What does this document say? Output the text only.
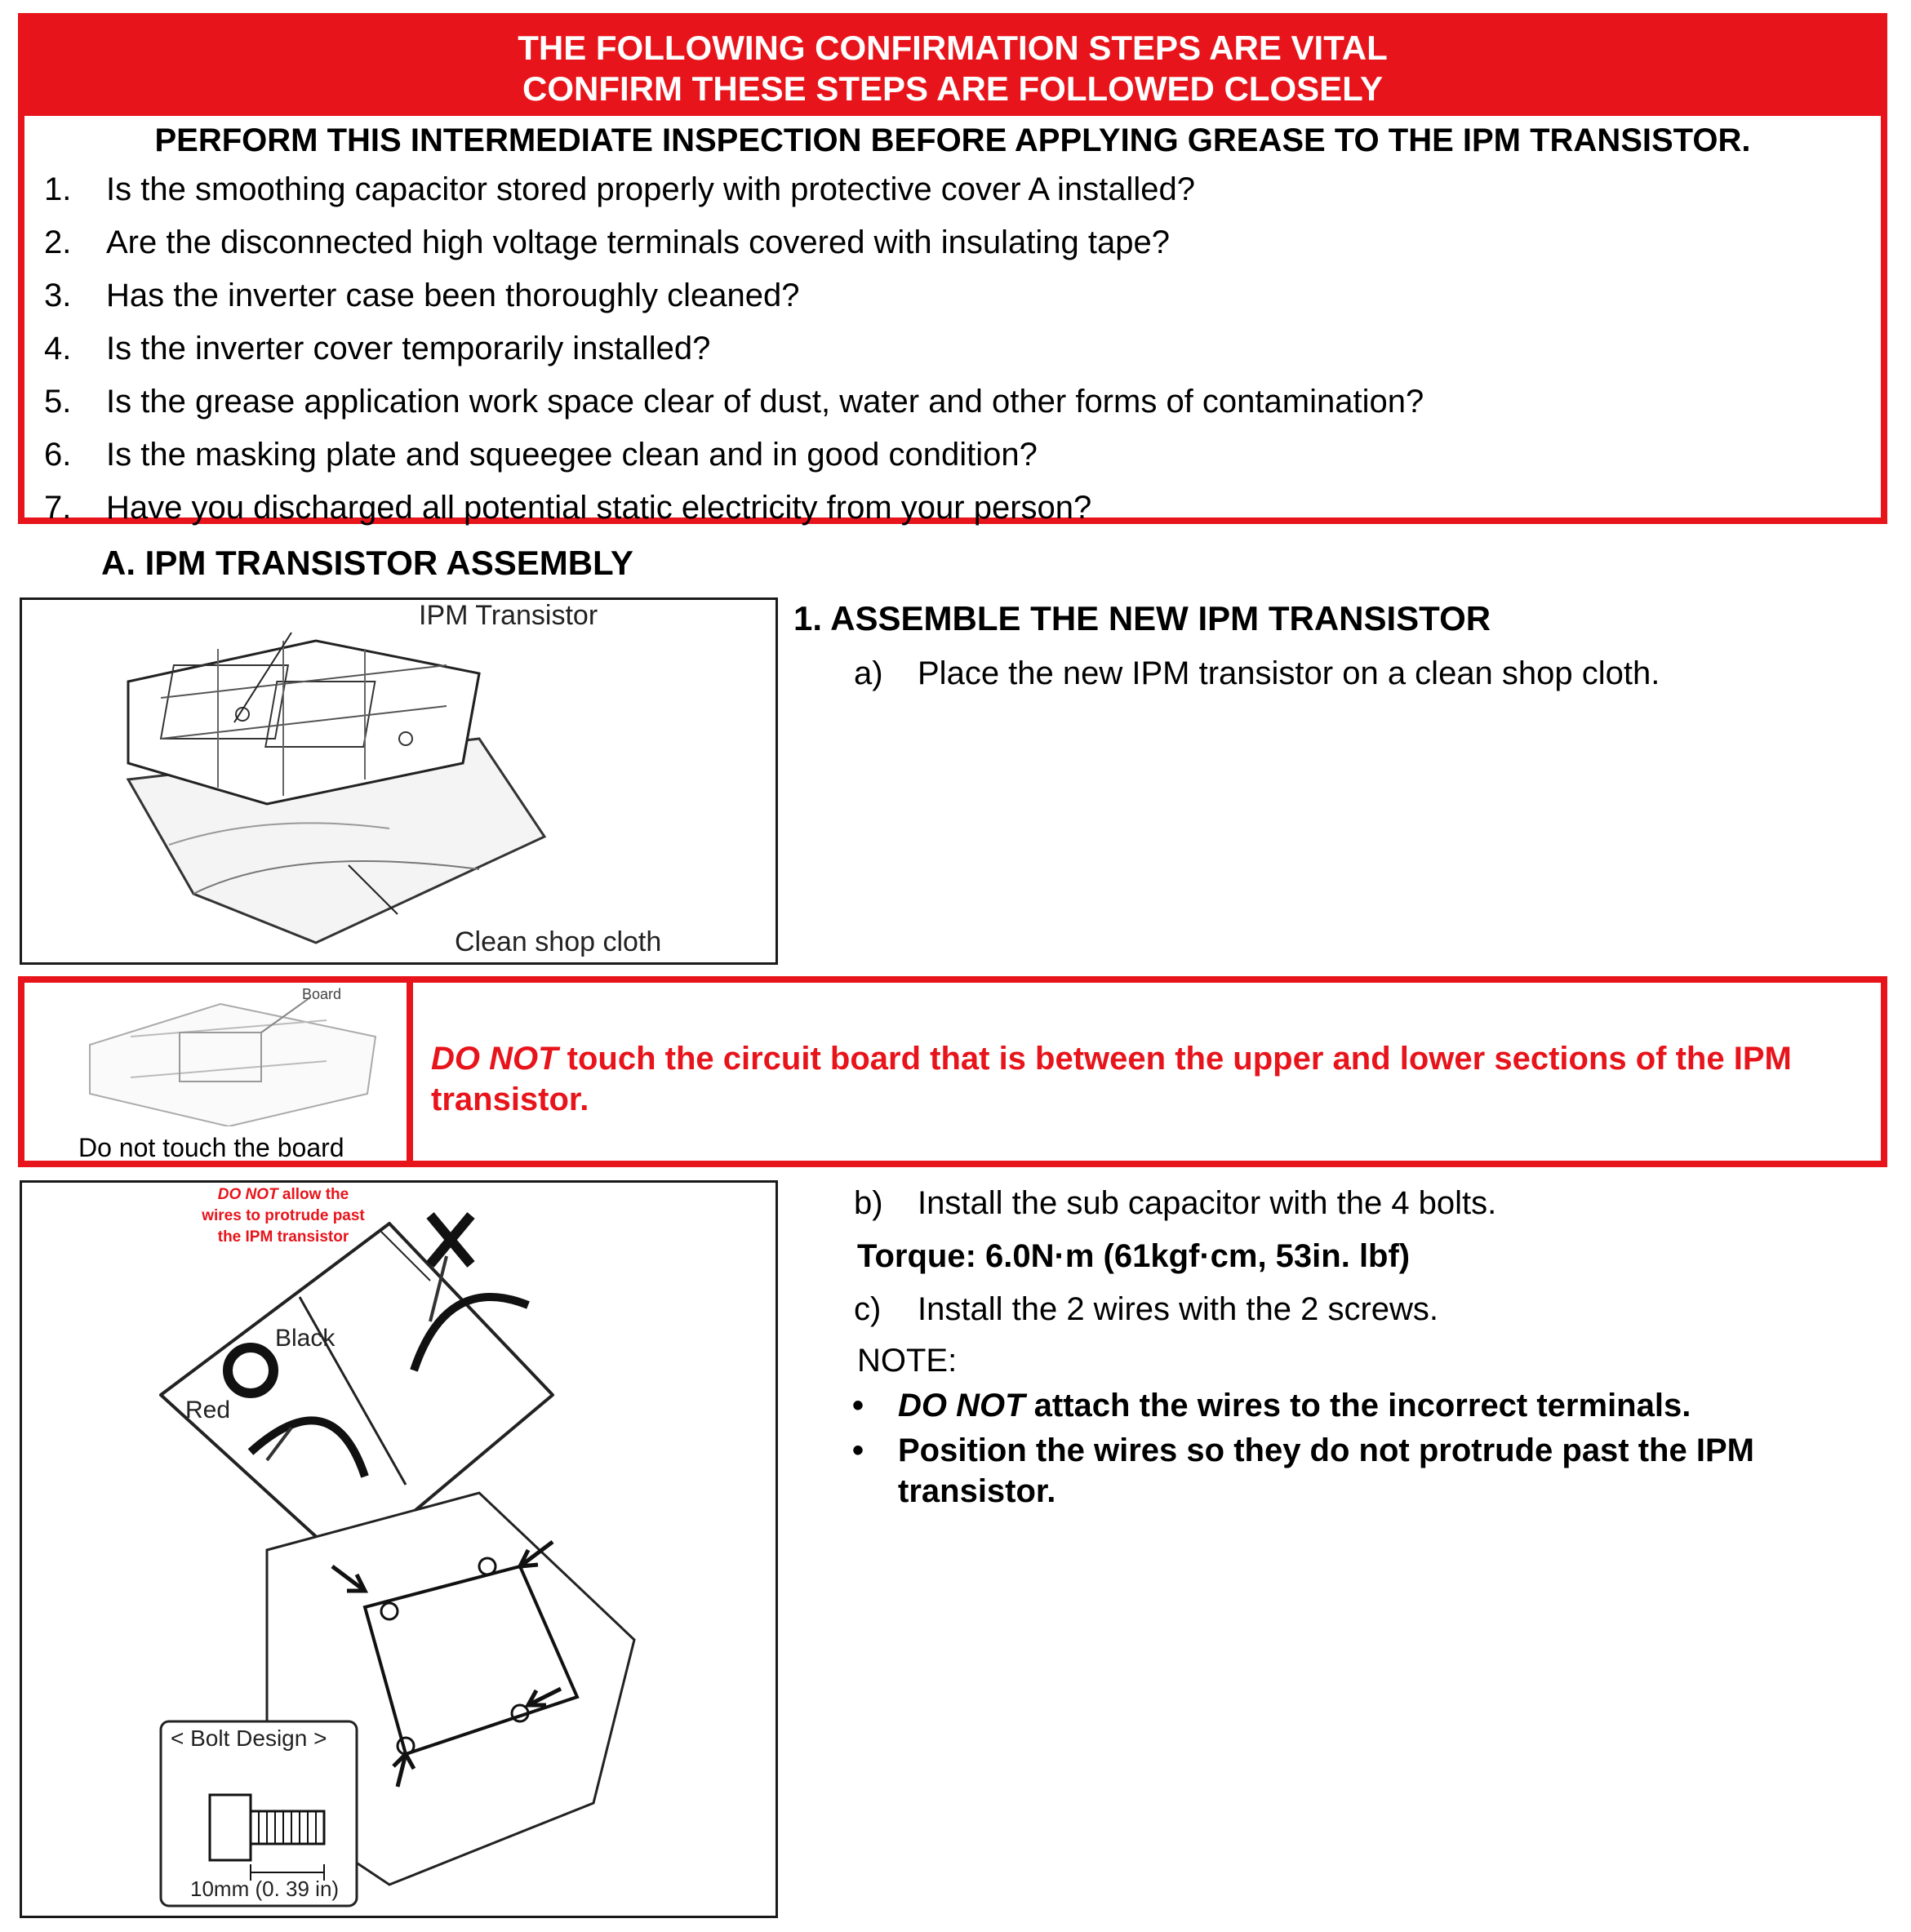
THE FOLLOWING CONFIRMATION STEPS ARE VITAL
CONFIRM THESE STEPS ARE FOLLOWED CLOSELY
PERFORM THIS INTERMEDIATE INSPECTION BEFORE APPLYING GREASE TO THE IPM TRANSISTOR.
1. Is the smoothing capacitor stored properly with protective cover A installed?
2. Are the disconnected high voltage terminals covered with insulating tape?
3. Has the inverter case been thoroughly cleaned?
4. Is the inverter cover temporarily installed?
5. Is the grease application work space clear of dust, water and other forms of contamination?
6. Is the masking plate and squeegee clean and in good condition?
7. Have you discharged all potential static electricity from your person?
A. IPM TRANSISTOR ASSEMBLY
IPM Transistor
Clean shop cloth
1. ASSEMBLE THE NEW IPM TRANSISTOR
a) Place the new IPM transistor on a clean shop cloth.
Board
Do not touch the board
DO NOT touch the circuit board that is between the upper and lower sections of the IPM transistor.
DO NOT allow the
wires to protrude past
the IPM transistor
Black
Red
< Bolt Design >
10mm (0. 39 in)
b) Install the sub capacitor with the 4 bolts.
Torque: 6.0N·m (61kgf·cm, 53in. lbf)
c) Install the 2 wires with the 2 screws.
NOTE:
• DO NOT attach the wires to the incorrect terminals.
• Position the wires so they do not protrude past the IPM
transistor.
